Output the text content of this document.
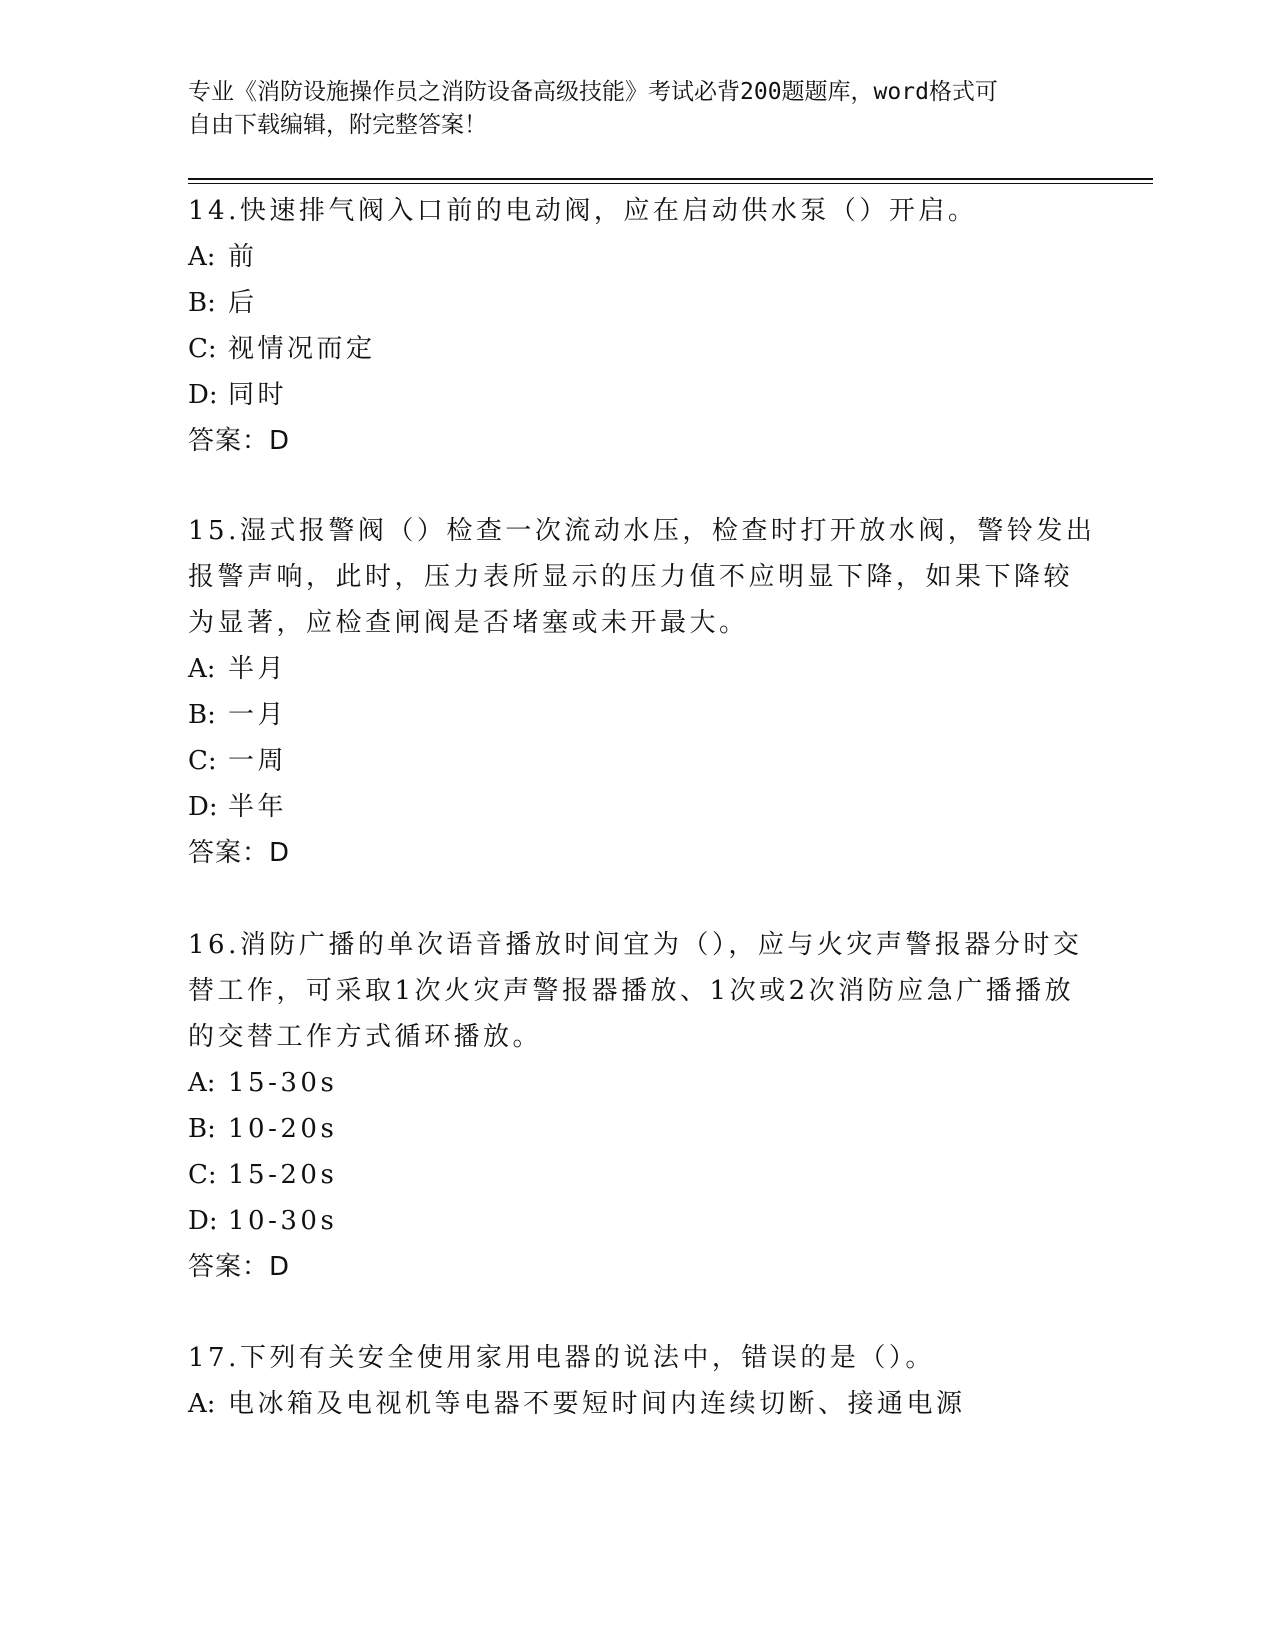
专业《消防设施操作员之消防设备高级技能》考试必背200题题库，word格式可
自由下载编辑，附完整答案！
14.快速排气阀入口前的电动阀，应在启动供水泵（）开启。
A: 前
B: 后
C: 视情况而定
D: 同时
答案：D
15.湿式报警阀（）检查一次流动水压，检查时打开放水阀，警铃发出
报警声响，此时，压力表所显示的压力值不应明显下降，如果下降较
为显著，应检查闸阀是否堵塞或未开最大。
A: 半月
B: 一月
C: 一周
D: 半年
答案：D
16.消防广播的单次语音播放时间宜为（），应与火灾声警报器分时交
替工作，可采取1次火灾声警报器播放、1次或2次消防应急广播播放
的交替工作方式循环播放。
A: 15-30s
B: 10-20s
C: 15-20s
D: 10-30s
答案：D
17.下列有关安全使用家用电器的说法中，错误的是（）。
A: 电冰箱及电视机等电器不要短时间内连续切断、接通电源
